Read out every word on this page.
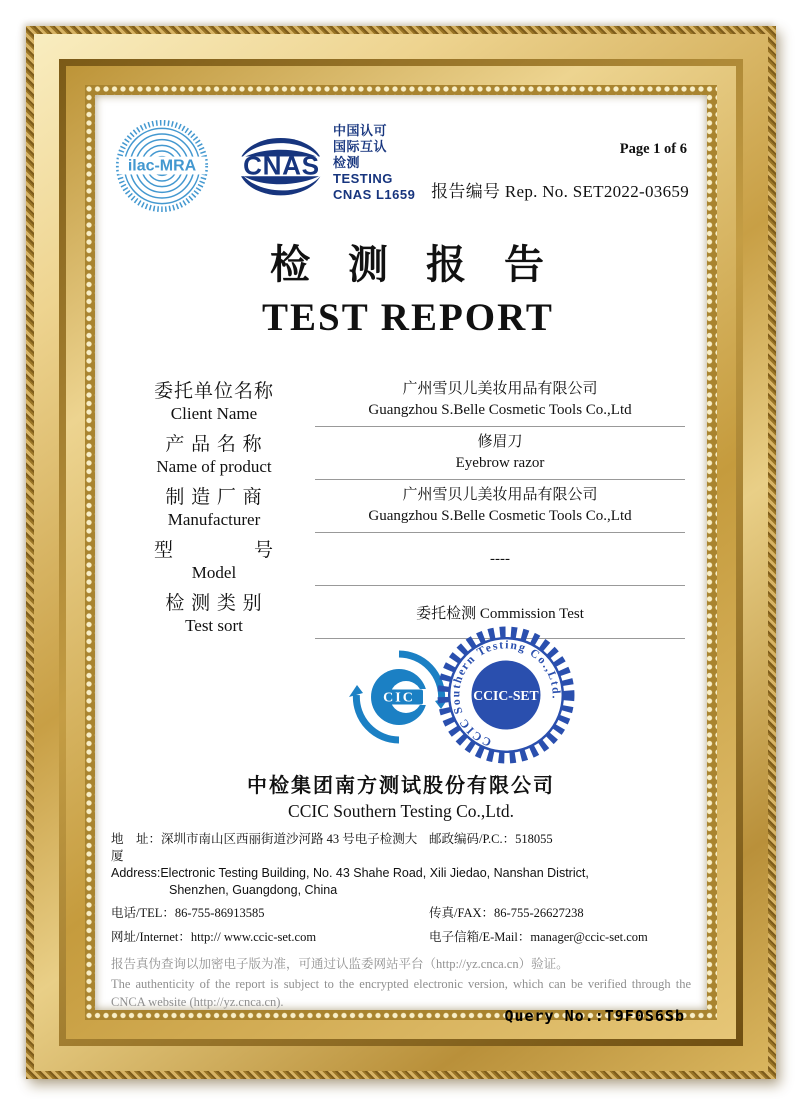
ilac-MRA CNAS
中国认可
国际互认
检测
TESTING
CNAS L1659
Page 1 of 6
报告编号 Rep. No. SET2022-03659
检 测 报 告
TEST REPORT
委托单位名称
Client Name
广州雪贝儿美妆用品有限公司
Guangzhou S.Belle Cosmetic Tools Co.,Ltd
产 品 名 称
Name of product
修眉刀
Eyebrow razor
制 造 厂 商
Manufacturer
广州雪贝儿美妆用品有限公司
Guangzhou S.Belle Cosmetic Tools Co.,Ltd
型　　　　号
Model
----
检 测 类 别
Test sort
委托检测 Commission Test
CIC
CCIC Southern Testing Co.,Ltd.
CCIC-SET
中检集团南方测试股份有限公司
CCIC Southern Testing Co.,Ltd.
地　址：深圳市南山区西丽街道沙河路 43 号电子检测大厦
邮政编码/P.C.：518055
Address:Electronic Testing Building, No. 43 Shahe Road, Xili Jiedao, Nanshan District,
Shenzhen, Guangdong, China
电话/TEL：86-755-86913585	传真/FAX：86-755-26627238
网址/Internet：http:// www.ccic-set.com	电子信箱/E-Mail：manager@ccic-set.com
报告真伪查询以加密电子版为准，可通过认监委网站平台（http://yz.cnca.cn）验证。
The authenticity of the report is subject to the encrypted electronic version, which can be verified through the CNCA website (http://yz.cnca.cn).
Query No.:T9F0S6Sb
